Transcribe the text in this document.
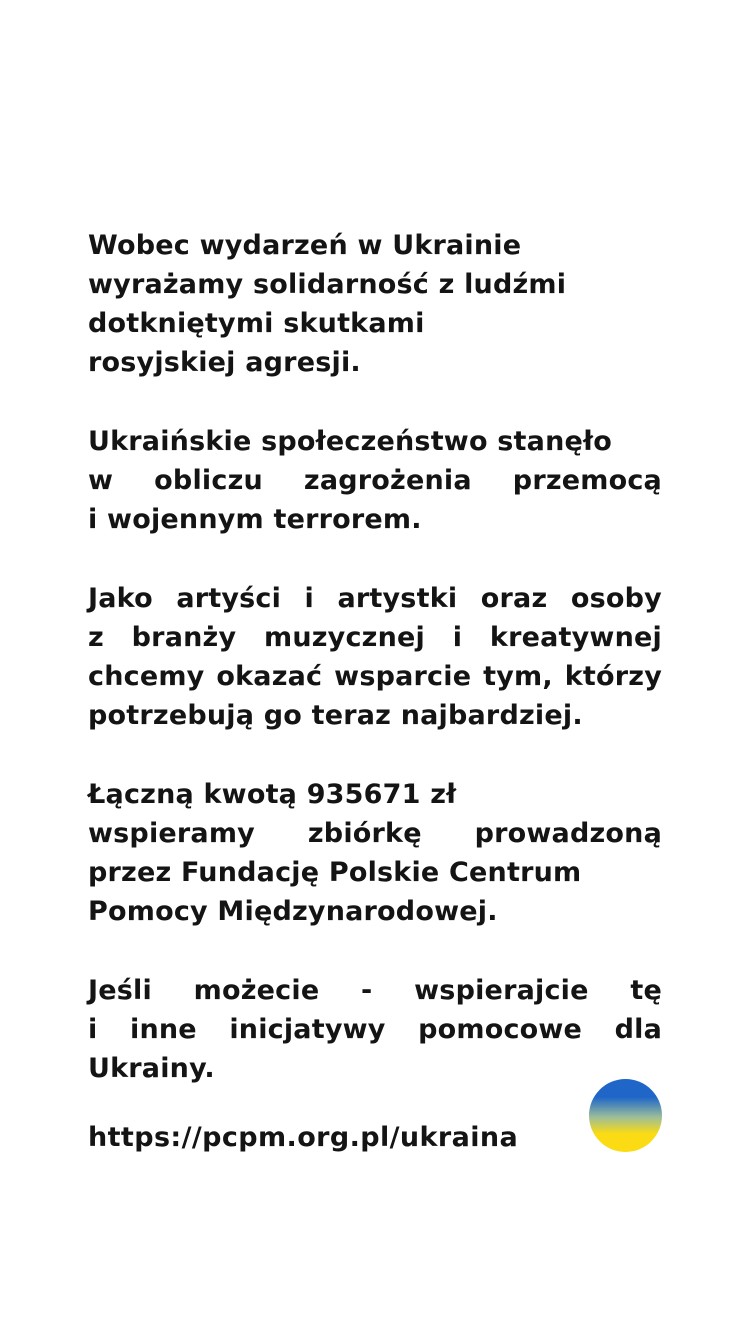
Wobec wydarzeń w Ukrainie
wyrażamy solidarność z ludźmi
dotkniętymi skutkami
rosyjskiej agresji.
Ukraińskie społeczeństwo stanęło
w obliczu zagrożenia przemocą
i wojennym terrorem.
Jako artyści i artystki oraz osoby
z branży muzycznej i kreatywnej
chcemy okazać wsparcie tym, którzy
potrzebują go teraz najbardziej.
Łączną kwotą 935671 zł
wspieramy zbiórkę prowadzoną
przez Fundację Polskie Centrum
Pomocy Międzynarodowej.
Jeśli możecie - wspierajcie tę
i inne inicjatywy pomocowe dla
Ukrainy.
https://pcpm.org.pl/ukraina
